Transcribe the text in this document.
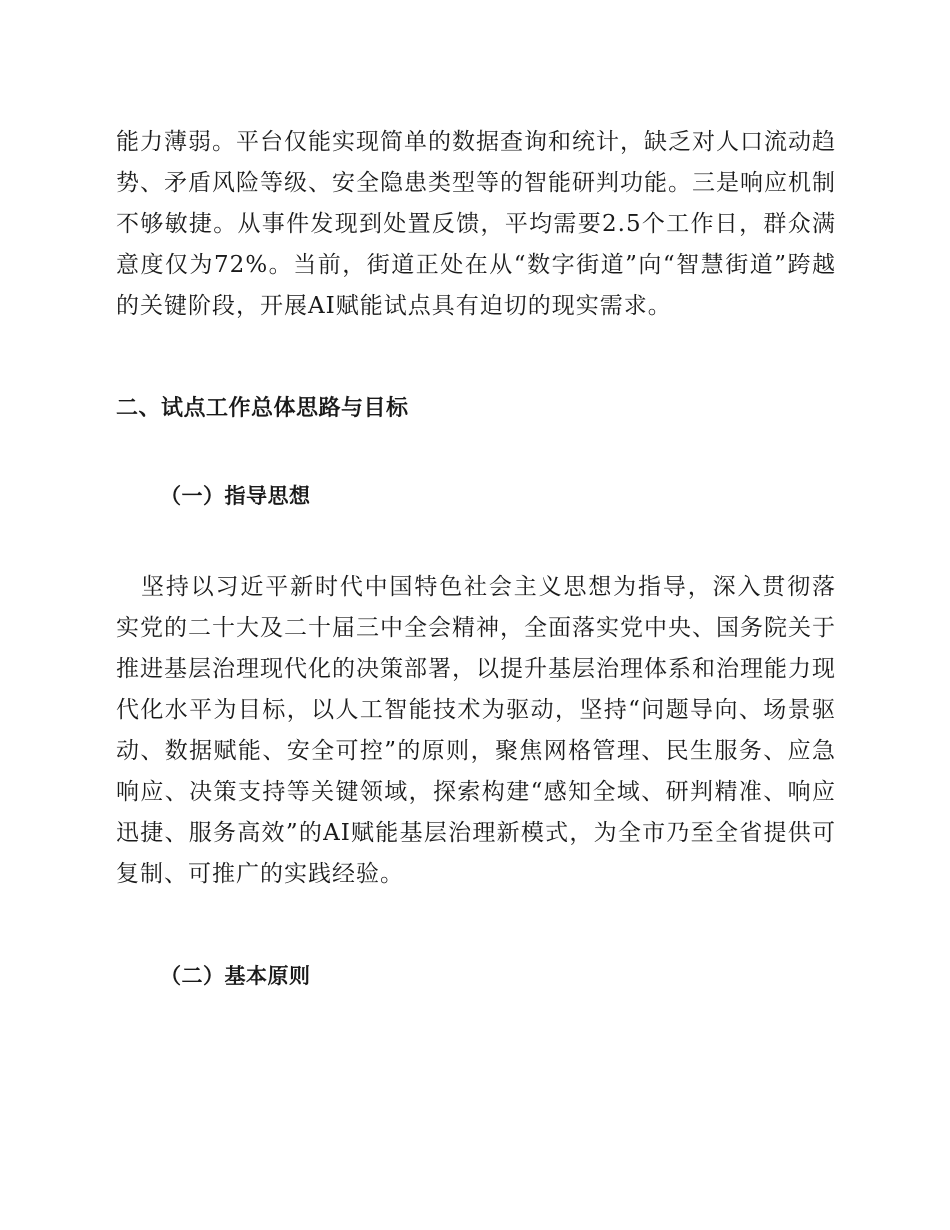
能力薄弱。平台仅能实现简单的数据查询和统计，缺乏对人口流动趋势、矛盾风险等级、安全隐患类型等的智能研判功能。三是响应机制不够敏捷。从事件发现到处置反馈，平均需要2.5个工作日，群众满意度仅为72%。当前，街道正处在从“数字街道”向“智慧街道”跨越的关键阶段，开展AI赋能试点具有迫切的现实需求。

二、试点工作总体思路与目标
（一）指导思想

坚持以习近平新时代中国特色社会主义思想为指导，深入贯彻落实党的二十大及二十届三中全会精神，全面落实党中央、国务院关于推进基层治理现代化的决策部署，以提升基层治理体系和治理能力现代化水平为目标，以人工智能技术为驱动，坚持“问题导向、场景驱动、数据赋能、安全可控”的原则，聚焦网格管理、民生服务、应急响应、决策支持等关键领域，探索构建“感知全域、研判精准、响应迅捷、服务高效”的AI赋能基层治理新模式，为全市乃至全省提供可复制、可推广的实践经验。

（二）基本原则
